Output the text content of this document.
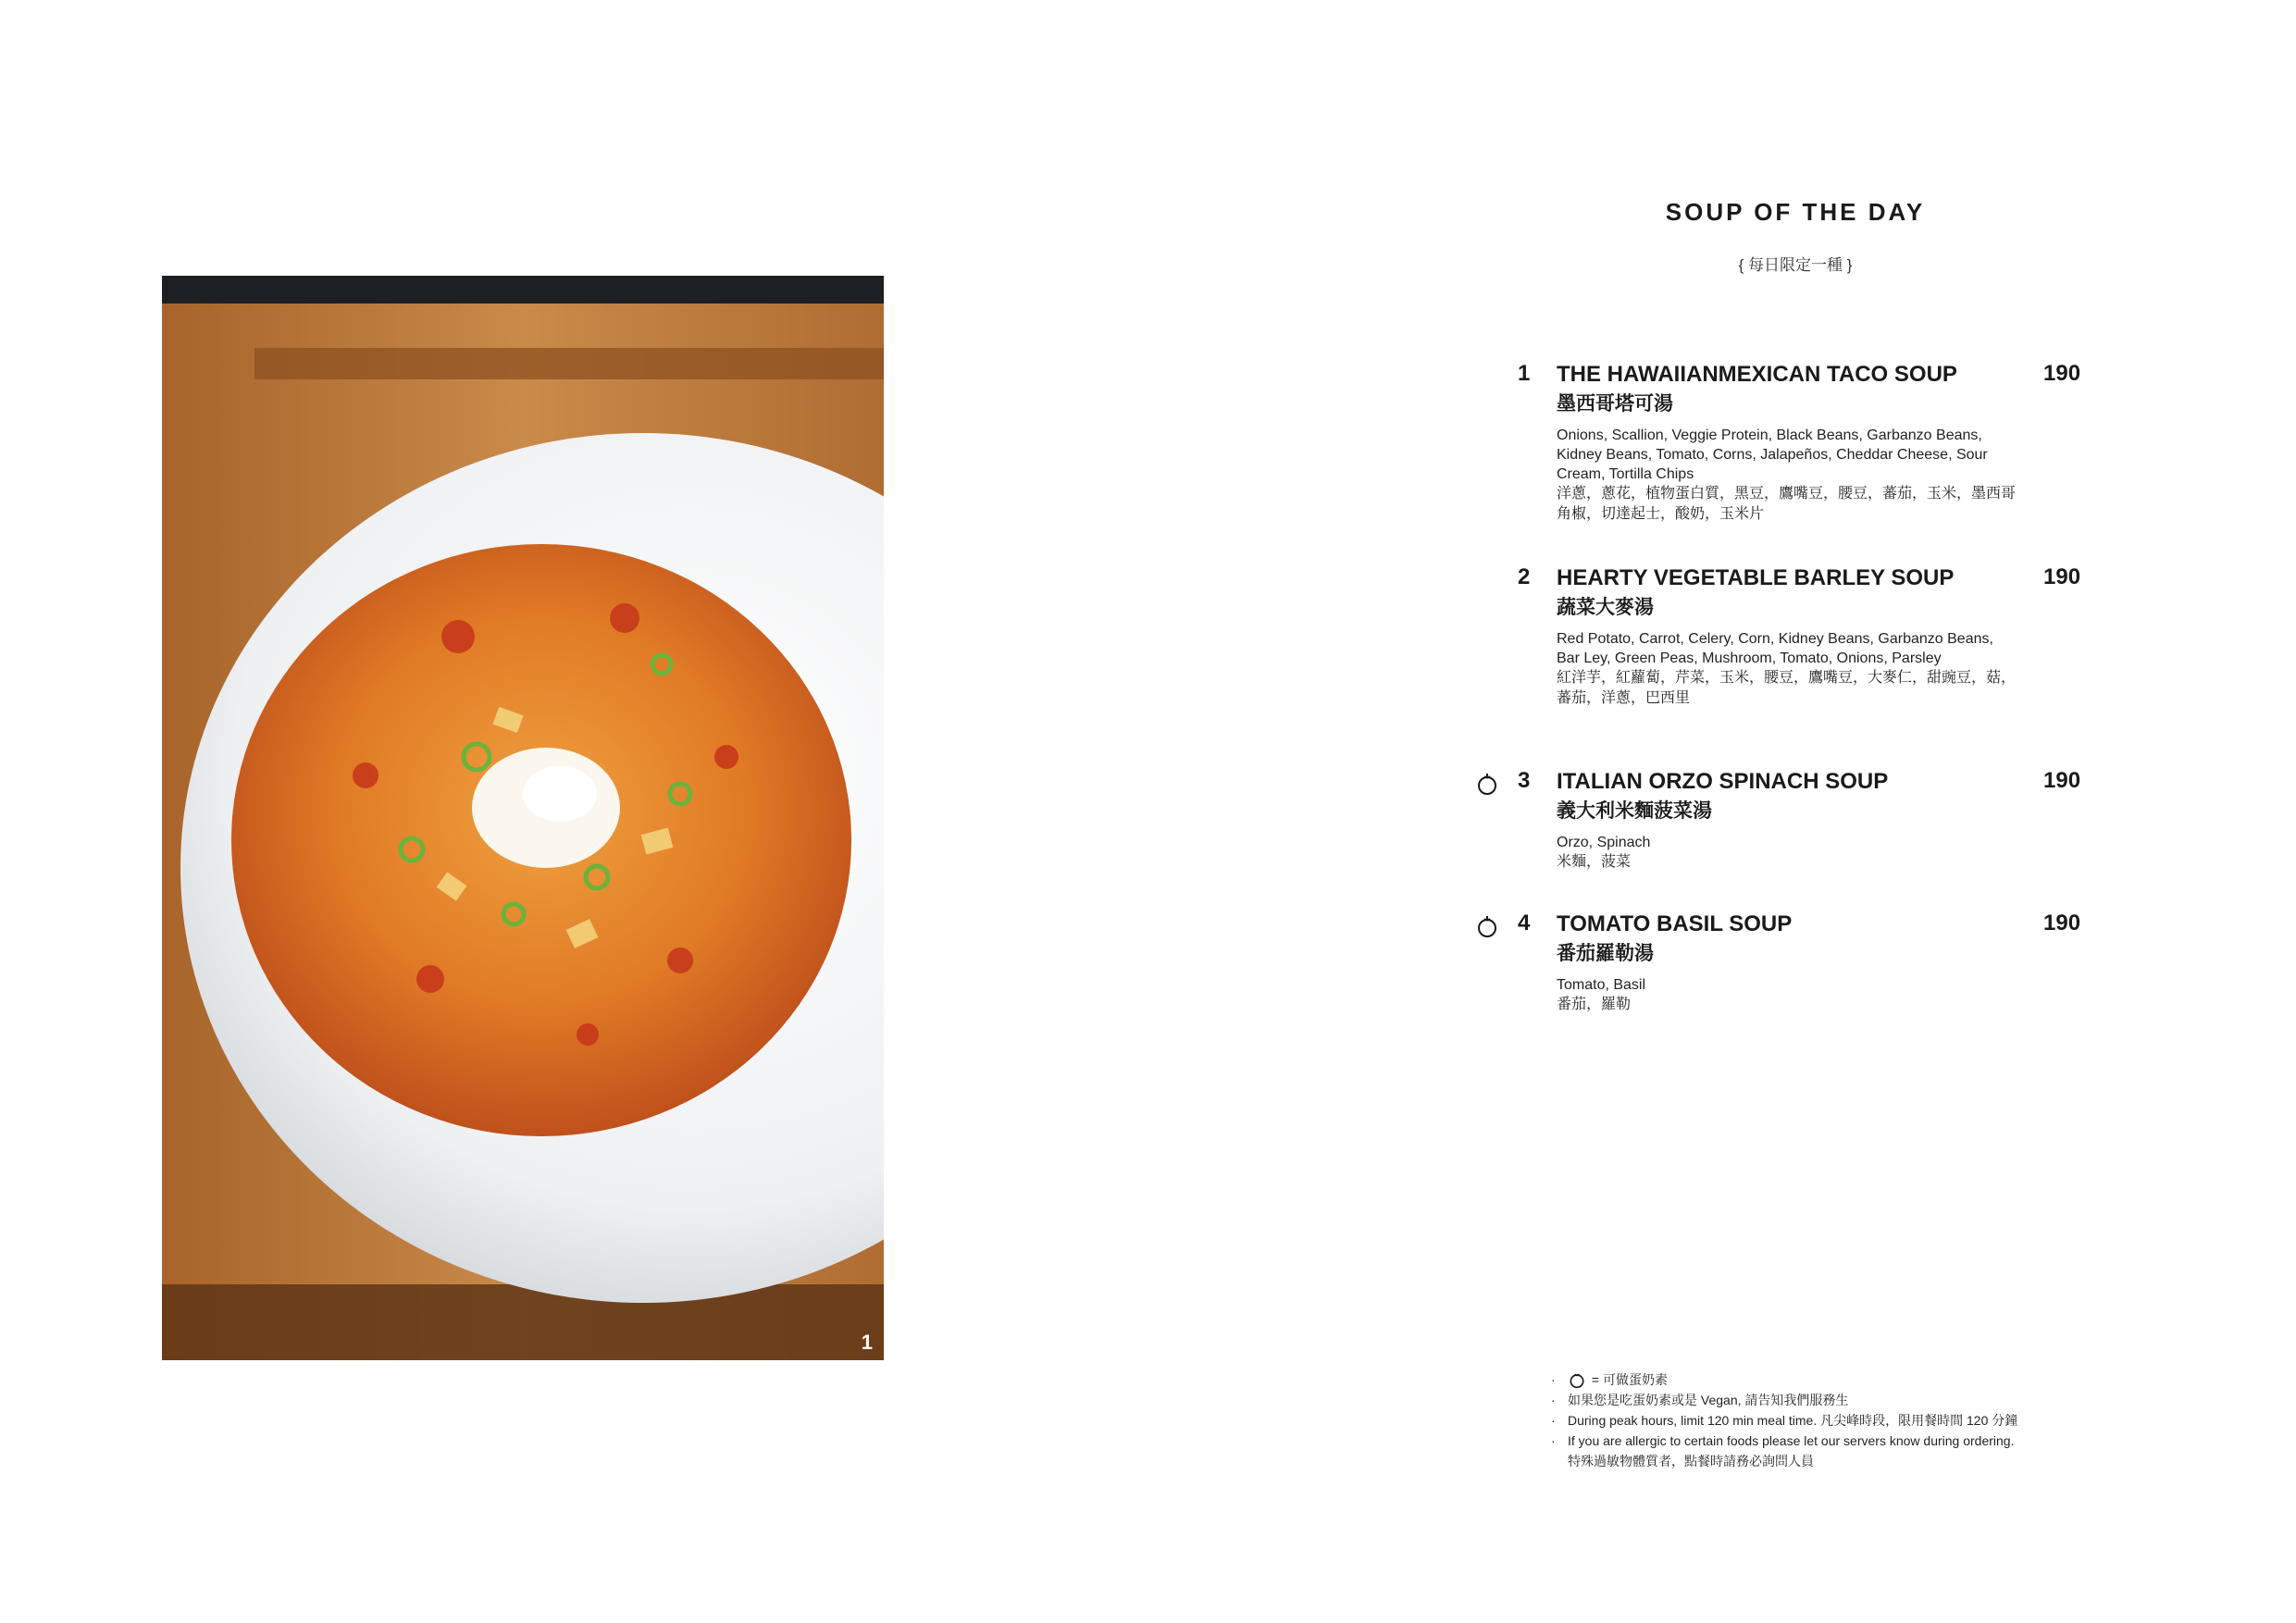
1
SOUP OF THE DAY
{ 每日限定一種 }
1 THE HAWAIIANMEXICAN TACO SOUP
墨西哥塔可湯
Onions, Scallion, Veggie Protein, Black Beans, Garbanzo Beans, Kidney Beans, Tomato, Corns, Jalapeños, Cheddar Cheese, Sour Cream, Tortilla Chips
洋蔥，蔥花，植物蛋白質，黑豆，鷹嘴豆，腰豆，蕃茄，玉米，墨西哥角椒，切達起士，酸奶，玉米片
190
2 HEARTY VEGETABLE BARLEY SOUP
蔬菜大麥湯
Red Potato, Carrot, Celery, Corn, Kidney Beans, Garbanzo Beans, Bar Ley, Green Peas, Mushroom, Tomato, Onions, Parsley
紅洋芋，紅蘿蔔，芹菜，玉米，腰豆，鷹嘴豆，大麥仁，甜豌豆，菇，蕃茄，洋蔥，巴西里
190
3 ITALIAN ORZO SPINACH SOUP
義大利米麵菠菜湯
Orzo, Spinach
米麵，菠菜
190
4 TOMATO BASIL SOUP
番茄羅勒湯
Tomato, Basil
番茄，羅勒
190
·	= 可做蛋奶素
· 如果您是吃蛋奶素或是 Vegan, 請告知我們服務生
· During peak hours, limit 120 min meal time. 凡尖峰時段，限用餐時間 120 分鐘
· If you are allergic to certain foods please let our servers know during ordering.
特殊過敏物體質者，點餐時請務必詢問人員
